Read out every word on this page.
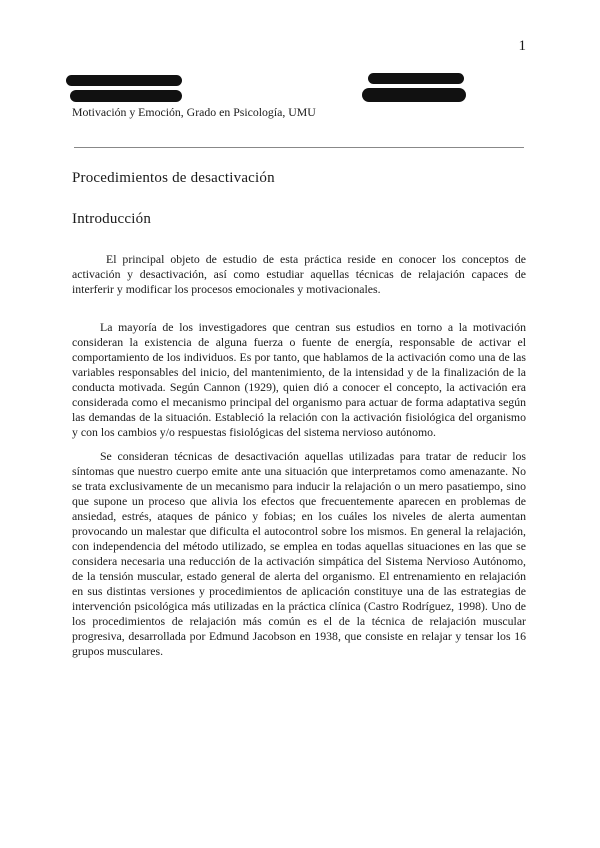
1
Motivación y Emoción, Grado en Psicología, UMU
Procedimientos de desactivación
Introducción

El principal objeto de estudio de esta práctica reside en conocer los conceptos de activación y desactivación, así como estudiar aquellas técnicas de relajación capaces de interferir y modificar los procesos emocionales y motivacionales.

La mayoría de los investigadores que centran sus estudios en torno a la motivación consideran la existencia de alguna fuerza o fuente de energía, responsable de activar el comportamiento de los individuos. Es por tanto, que hablamos de la activación como una de las variables responsables del inicio, del mantenimiento, de la intensidad y de la finalización de la conducta motivada. Según Cannon (1929), quien dió a conocer el concepto, la activación era considerada como el mecanismo principal del organismo para actuar de forma adaptativa según las demandas de la situación. Estableció la relación con la activación fisiológica del organismo y con los cambios y/o respuestas fisiológicas del sistema nervioso autónomo.

Se consideran técnicas de desactivación aquellas utilizadas para tratar de reducir los síntomas que nuestro cuerpo emite ante una situación que interpretamos como amenazante. No se trata exclusivamente de un mecanismo para inducir la relajación o un mero pasatiempo, sino que supone un proceso que alivia los efectos que frecuentemente aparecen en problemas de ansiedad, estrés, ataques de pánico y fobias; en los cuáles los niveles de alerta aumentan provocando un malestar que dificulta el autocontrol sobre los mismos. En general la relajación, con independencia del método utilizado, se emplea en todas aquellas situaciones en las que se considera necesaria una reducción de la activación simpática del Sistema Nervioso Autónomo, de la tensión muscular, estado general de alerta del organismo. El entrenamiento en relajación en sus distintas versiones y procedimientos de aplicación constituye una de las estrategias de intervención psicológica más utilizadas en la práctica clínica (Castro Rodríguez, 1998). Uno de los procedimientos de relajación más común es el de la técnica de relajación muscular progresiva, desarrollada por Edmund Jacobson en 1938, que consiste en relajar y tensar los 16 grupos musculares.
